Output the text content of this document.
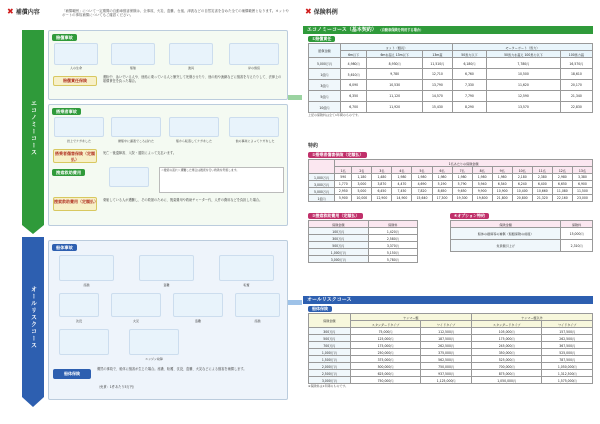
✖ 補償内容	「補償範囲」について一定期間の自動車損害保険は、全事故、火災、盗難、台風、津波などの自然災害を含めた全ての補償範囲となります。ヨットやボートの事故補償についてもご確認ください。
エコノミーコース
オールリスクコース
賠償事故
人の生命	船舶	漁具	岸の施設
賠償責任保険
運転中、泳いでいる人や、他船に乗っている人と衝突して死傷させたり、他の船や漁網などに損害を与えたりして、法律上の賠償責任を負った場合。
搭乗者事故
岩上でケガをした	操船中に漏液でころばれた	船から転落してケガをした	他の事故によってケガをした
搭乗者傷害保険（定額払）
死亡・後遺障害、入院・通院によって支払います。
捜索救助費用	＜捜索の流れ＞遭難した場合は捜索を行い救助を実施します。
捜索救助費用（定額払） 乗船している人が遭難し、その救援のために、捜索費用や救助チャーター代、人件の費用などを負担した場合。
船体事故
座礁	盗難	転覆
沈没	火災	盗難	座礁
エンジン故障
船体保険
偶然の事故で、船体に損害が生じた場合。座礁、転覆、沈没、盗難、火災などによる損害を補償します。
（免責：1件あたり5万円）
✖ 保険料例
エコノミーコース（基本契約） （自動車保険を利用する場合）
①賠償責任
賠償金額	ヨット（艇長）			モーターボート（馬力）		
	6m以下	6mを超え 13m以下	13m超	50馬力以下	50馬力を超え 100馬力以下	100馬力超
5,000万円	4,980円	8,930円	11,510円	6,180円	7,780円	16,570円
1億円	5,610円	9,780	12,710	6,760	10,500	18,610
3億円	6,090	10,530	13,790	7,330	11,620	20,170
5億円	6,350	11,120	14,570	7,790	12,590	21,340
10億円	6,700	11,920	15,430	8,290	13,570	22,830
上記の保険料は全て1年間のものです。
特約
②搭乗者傷害保険（定額払）
	1名あたりの保険金額												
	1名	2名	3名	4名	5名	6名	7名	8名	9名	10名	11名	12名	13名
1,000万円	590	1,180	1,480	1,980	1,980	1,980	1,980	1,980	1,980	2,180	2,380	2,980	3,380
3,000万円	1,770	3,000	3,870	4,470	4,690	5,190	5,790	5,940	6,540	6,240	6,400	6,650	6,900
5,000万円	2,950	5,000	6,450	7,450	7,820	8,650	9,650	9,900	10,900	10,400	10,660	11,080	11,500
1億円	5,900	10,000	12,900	14,900	15,640	17,300	19,300	19,800	21,800	20,800	21,320	22,160	23,000
③捜索救助費用（定額払）
保険金額	保険料
100万円	1,420円
300万円	2,580円
500万円	3,370円
1,000万円	5,150円
3,000万円	5,780円
④オプション特約
保険金額	保険料
船体の損傷等の補償（船艇保険の前提）	15,000円
免責額引上げ	2,310円
オールリスクコース
船体保険
保険金額	ヤンマー艇		ヤンマー艇以外	
	スタンダードタイプ	ワイドタイプ	スタンダードタイプ	ワイドタイプ
300万円	75,000円	112,500円	105,000円	157,500円
500万円	125,000円	187,500円	175,000円	262,500円
700万円	175,000円	262,500円	245,000円	367,500円
1,000万円	250,000円	375,000円	350,000円	525,000円
1,500万円	375,000円	562,500円	525,000円	787,500円
2,000万円	500,000円	750,000円	700,000円	1,050,000円
2,500万円	625,000円	937,500円	875,000円	1,312,500円
3,000万円	750,000円	1,125,000円	1,050,000円	1,575,000円
※保険料は1年間のものです。
